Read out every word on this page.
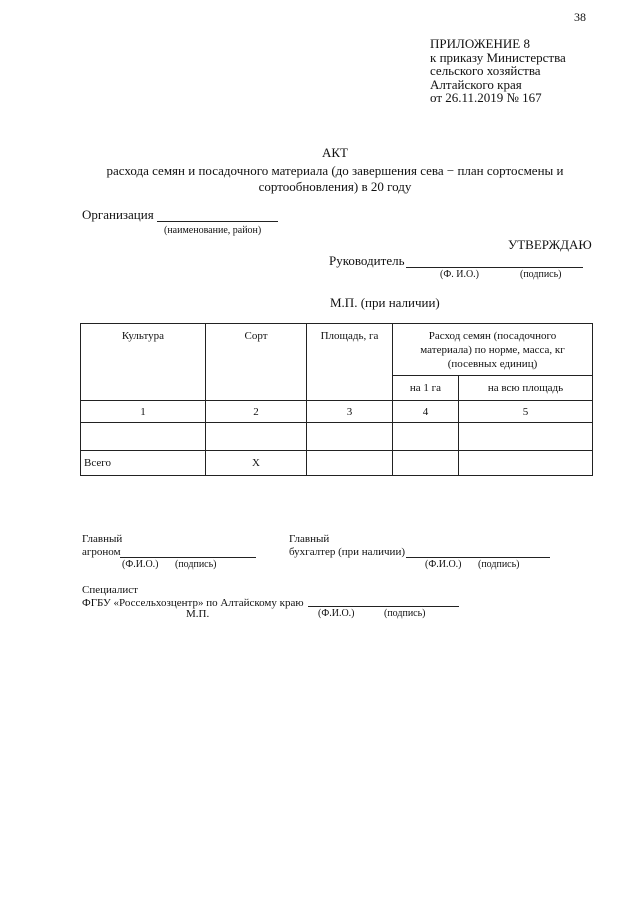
38
ПРИЛОЖЕНИЕ 8
к приказу Министерства
сельского хозяйства
Алтайского края
от 26.11.2019 № 167
АКТ
расхода семян и посадочного материала (до завершения сева − план сортосмены и
сортообновления) в 20 году
Организация
(наименование, район)
УТВЕРЖДАЮ
Руководитель
(Ф. И.О.)	(подпись)
М.П. (при наличии)
Культура	Сорт	Площадь, га	Расход семян (посадочного материала) по норме, масса, кг (посевных единиц)	
			на 1 га	на всю площадь
1	2	3	4	5

Всего	Х			
Главный
агроном
(Ф.И.О.) (подпись)
Главный
бухгалтер (при наличии)
(Ф.И.О.) (подпись)
Специалист
ФГБУ «Россельхозцентр» по Алтайскому краю
М.П.	(Ф.И.О.)	(подпись)
